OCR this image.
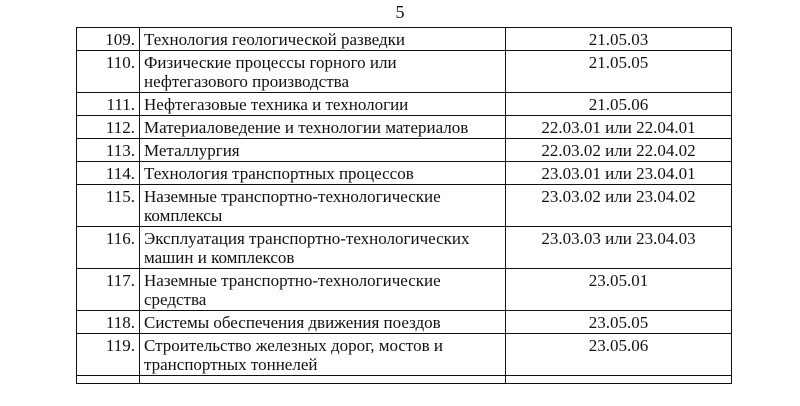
5
109.	Технология геологической разведки	21.05.03
110.	Физические процессы горного или нефтегазового производства	21.05.05
111.	Нефтегазовые техника и технологии	21.05.06
112.	Материаловедение и технологии материалов	22.03.01 или 22.04.01
113.	Металлургия	22.03.02 или 22.04.02
114.	Технология транспортных процессов	23.03.01 или 23.04.01
115.	Наземные транспортно-технологические комплексы	23.03.02 или 23.04.02
116.	Эксплуатация транспортно-технологических машин и комплексов	23.03.03 или 23.04.03
117.	Наземные транспортно-технологические средства	23.05.01
118.	Системы обеспечения движения поездов	23.05.05
119.	Строительство железных дорог, мостов и транспортных тоннелей	23.05.06
